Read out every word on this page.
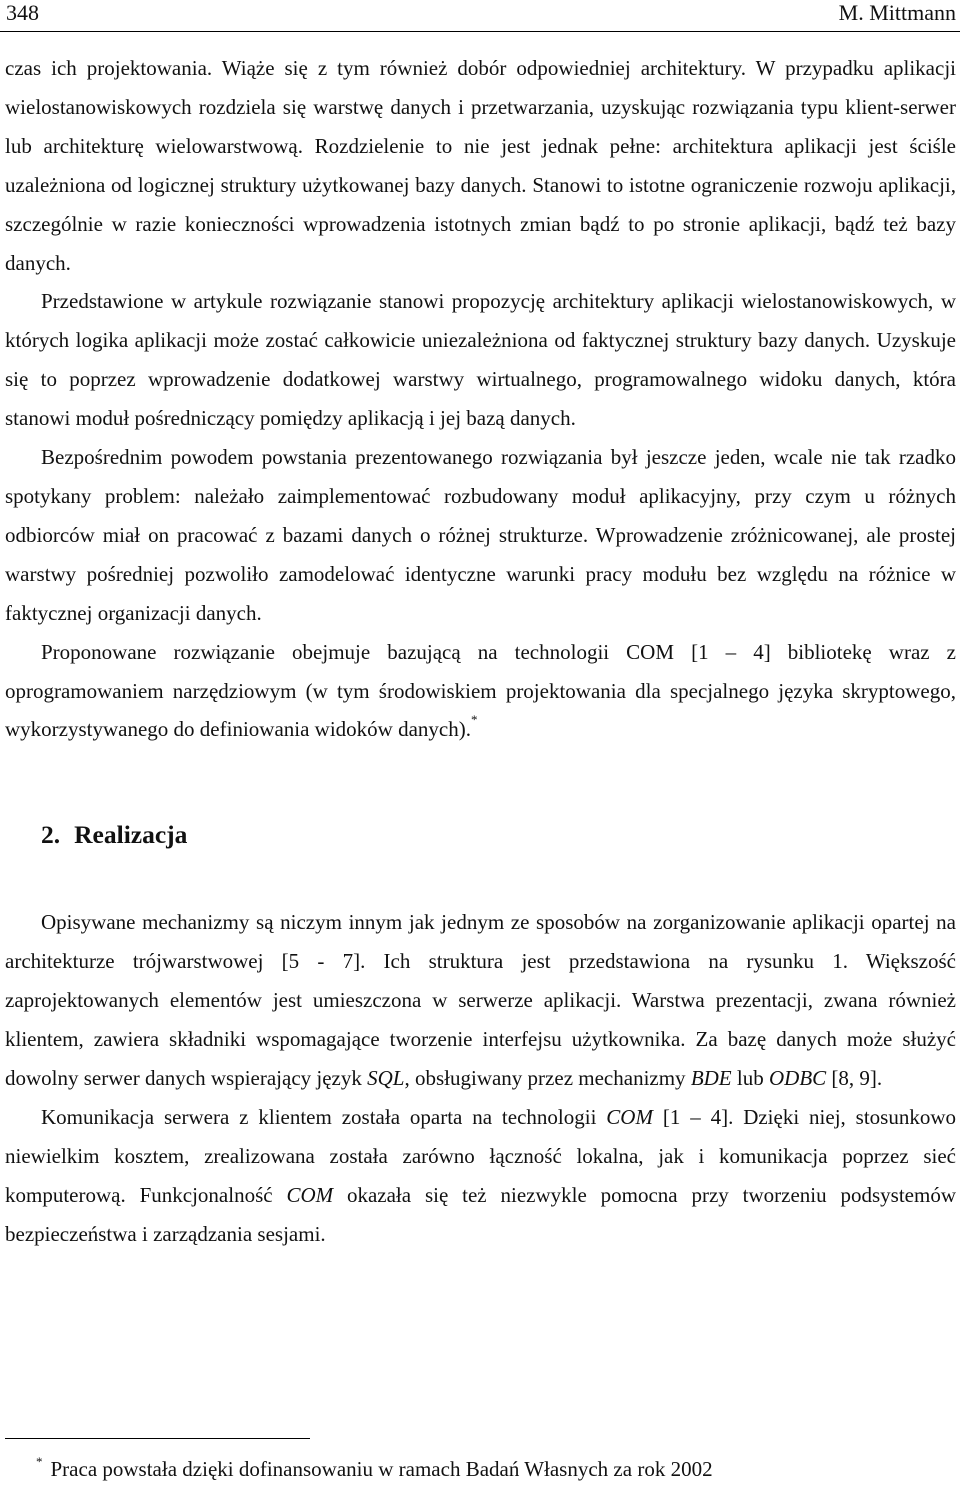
348	M. Mittmann

czas ich projektowania. Wiąże się z tym również dobór odpowiedniej architektury. W przypadku aplikacji wielostanowiskowych rozdziela się warstwę danych i przetwarzania, uzyskując rozwiązania typu klient-serwer lub architekturę wielowarstwową. Rozdzielenie to nie jest jednak pełne: architektura aplikacji jest ściśle uzależniona od logicznej struktury użytkowanej bazy danych. Stanowi to istotne ograniczenie rozwoju aplikacji, szczególnie w razie konieczności wprowadzenia istotnych zmian bądź to po stronie aplikacji, bądź też bazy danych.

Przedstawione w artykule rozwiązanie stanowi propozycję architektury aplikacji wielostanowiskowych, w których logika aplikacji może zostać całkowicie uniezależniona od faktycznej struktury bazy danych. Uzyskuje się to poprzez wprowadzenie dodatkowej warstwy wirtualnego, programowalnego widoku danych, która stanowi moduł pośredniczący pomiędzy aplikacją i jej bazą danych.

Bezpośrednim powodem powstania prezentowanego rozwiązania był jeszcze jeden, wcale nie tak rzadko spotykany problem: należało zaimplementować rozbudowany moduł aplikacyjny, przy czym u różnych odbiorców miał on pracować z bazami danych o różnej strukturze. Wprowadzenie zróżnicowanej, ale prostej warstwy pośredniej pozwoliło zamodelować identyczne warunki pracy modułu bez względu na różnice w faktycznej organizacji danych.

Proponowane rozwiązanie obejmuje bazującą na technologii COM [1 – 4] bibliotekę wraz z oprogramowaniem narzędziowym (w tym środowiskiem projektowania dla specjalnego języka skryptowego, wykorzystywanego do definiowania widoków danych).*

2. Realizacja

Opisywane mechanizmy są niczym innym jak jednym ze sposobów na zorganizowanie aplikacji opartej na architekturze trójwarstwowej [5 - 7]. Ich struktura jest przedstawiona na rysunku 1. Większość zaprojektowanych elementów jest umieszczona w serwerze aplikacji. Warstwa prezentacji, zwana również klientem, zawiera składniki wspomagające tworzenie interfejsu użytkownika. Za bazę danych może służyć dowolny serwer danych wspierający język SQL, obsługiwany przez mechanizmy BDE lub ODBC [8, 9].

Komunikacja serwera z klientem została oparta na technologii COM [1 – 4]. Dzięki niej, stosunkowo niewielkim kosztem, zrealizowana została zarówno łączność lokalna, jak i komunikacja poprzez sieć komputerową. Funkcjonalność COM okazała się też niezwykle pomocna przy tworzeniu podsystemów bezpieczeństwa i zarządzania sesjami.

* Praca powstała dzięki dofinansowaniu w ramach Badań Własnych za rok 2002
